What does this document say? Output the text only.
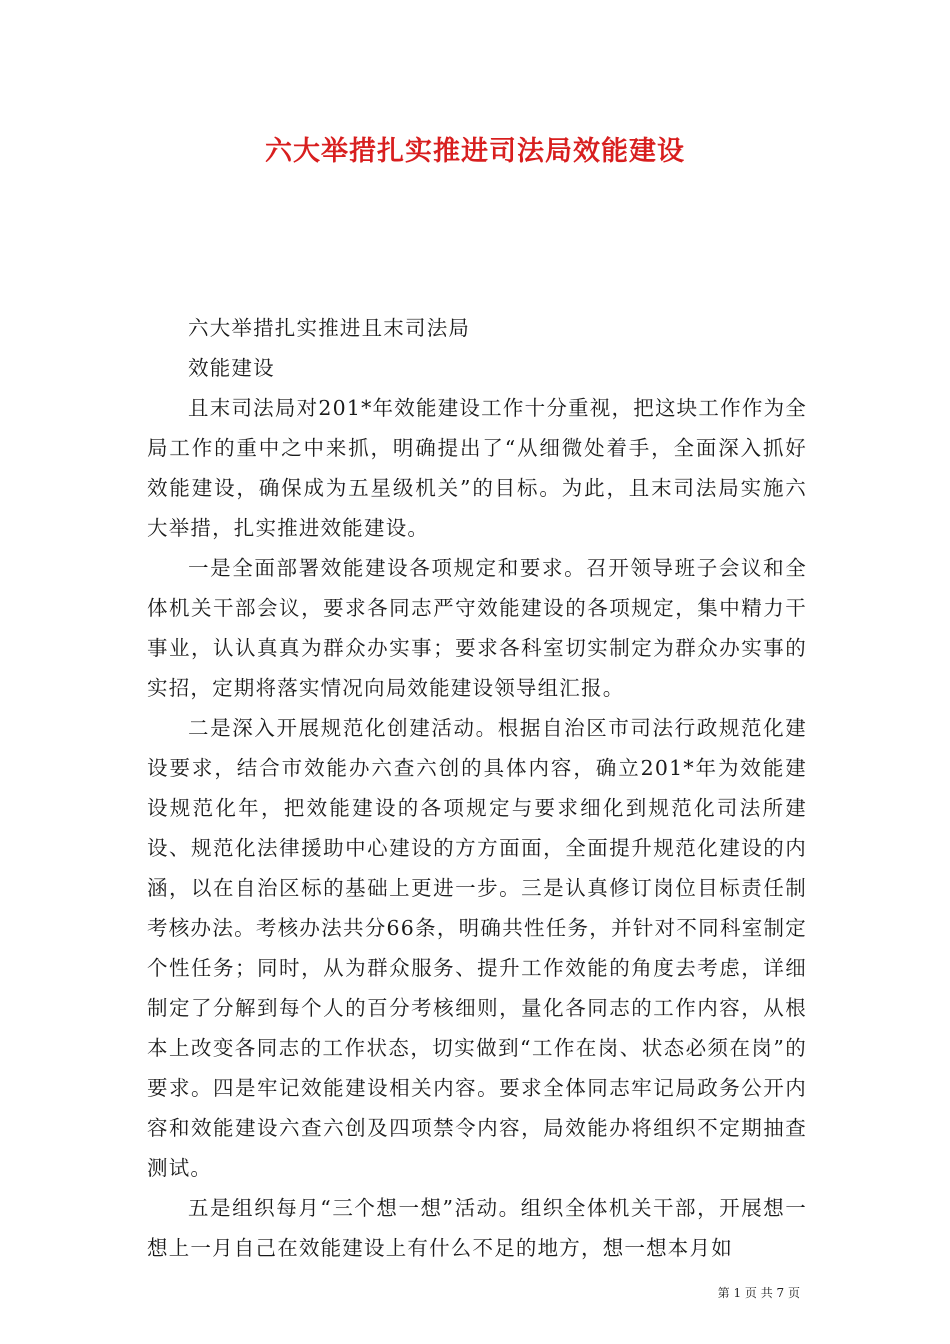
六大举措扎实推进司法局效能建设

六大举措扎实推进且末司法局

效能建设

且末司法局对201*年效能建设工作十分重视，把这块工作作为全局工作的重中之中来抓，明确提出了“从细微处着手，全面深入抓好效能建设，确保成为五星级机关”的目标。为此，且末司法局实施六大举措，扎实推进效能建设。

一是全面部署效能建设各项规定和要求。召开领导班子会议和全体机关干部会议，要求各同志严守效能建设的各项规定，集中精力干事业，认认真真为群众办实事；要求各科室切实制定为群众办实事的实招，定期将落实情况向局效能建设领导组汇报。

二是深入开展规范化创建活动。根据自治区市司法行政规范化建设要求，结合市效能办六查六创的具体内容，确立201*年为效能建设规范化年，把效能建设的各项规定与要求细化到规范化司法所建设、规范化法律援助中心建设的方方面面，全面提升规范化建设的内涵，以在自治区标的基础上更进一步。三是认真修订岗位目标责任制考核办法。考核办法共分66条，明确共性任务，并针对不同科室制定个性任务；同时，从为群众服务、提升工作效能的角度去考虑，详细制定了分解到每个人的百分考核细则，量化各同志的工作内容，从根本上改变各同志的工作状态，切实做到“工作在岗、状态必须在岗”的要求。四是牢记效能建设相关内容。要求全体同志牢记局政务公开内容和效能建设六查六创及四项禁令内容，局效能办将组织不定期抽查测试。

五是组织每月“三个想一想”活动。组织全体机关干部，开展想一想上一月自己在效能建设上有什么不足的地方，想一想本月如

第 1 页 共 7 页
